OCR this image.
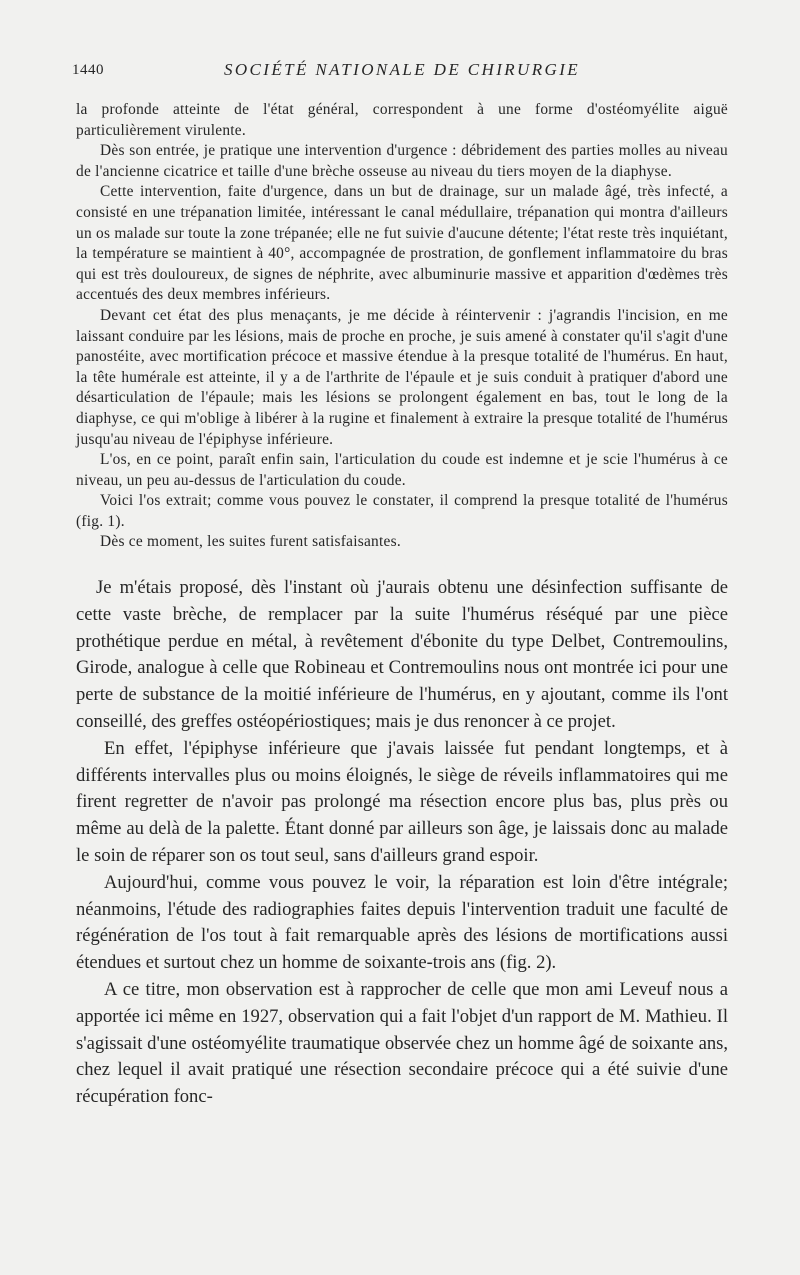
1440	SOCIÉTÉ NATIONALE DE CHIRURGIE

la profonde atteinte de l'état général, correspondent à une forme d'ostéomyélite aiguë particulièrement virulente.

Dès son entrée, je pratique une intervention d'urgence : débridement des parties molles au niveau de l'ancienne cicatrice et taille d'une brèche osseuse au niveau du tiers moyen de la diaphyse.

Cette intervention, faite d'urgence, dans un but de drainage, sur un malade âgé, très infecté, a consisté en une trépanation limitée, intéressant le canal médullaire, trépanation qui montra d'ailleurs un os malade sur toute la zone trépanée; elle ne fut suivie d'aucune détente; l'état reste très inquiétant, la température se maintient à 40°, accompagnée de prostration, de gonflement inflammatoire du bras qui est très douloureux, de signes de néphrite, avec albuminurie massive et apparition d'œdèmes très accentués des deux membres inférieurs.

Devant cet état des plus menaçants, je me décide à réintervenir : j'agrandis l'incision, en me laissant conduire par les lésions, mais de proche en proche, je suis amené à constater qu'il s'agit d'une panostéite, avec mortification précoce et massive étendue à la presque totalité de l'humérus. En haut, la tête humérale est atteinte, il y a de l'arthrite de l'épaule et je suis conduit à pratiquer d'abord une désarticulation de l'épaule; mais les lésions se prolongent également en bas, tout le long de la diaphyse, ce qui m'oblige à libérer à la rugine et finalement à extraire la presque totalité de l'humérus jusqu'au niveau de l'épiphyse inférieure.

L'os, en ce point, paraît enfin sain, l'articulation du coude est indemne et je scie l'humérus à ce niveau, un peu au-dessus de l'articulation du coude.

Voici l'os extrait; comme vous pouvez le constater, il comprend la presque totalité de l'humérus (fig. 1).

Dès ce moment, les suites furent satisfaisantes.

Je m'étais proposé, dès l'instant où j'aurais obtenu une désinfection suffisante de cette vaste brèche, de remplacer par la suite l'humérus réséqué par une pièce prothétique perdue en métal, à revêtement d'ébonite du type Delbet, Contremoulins, Girode, analogue à celle que Robineau et Contremoulins nous ont montrée ici pour une perte de substance de la moitié inférieure de l'humérus, en y ajoutant, comme ils l'ont conseillé, des greffes ostéopériostiques; mais je dus renoncer à ce projet.

En effet, l'épiphyse inférieure que j'avais laissée fut pendant longtemps, et à différents intervalles plus ou moins éloignés, le siège de réveils inflammatoires qui me firent regretter de n'avoir pas prolongé ma résection encore plus bas, plus près ou même au delà de la palette. Étant donné par ailleurs son âge, je laissais donc au malade le soin de réparer son os tout seul, sans d'ailleurs grand espoir.

Aujourd'hui, comme vous pouvez le voir, la réparation est loin d'être intégrale; néanmoins, l'étude des radiographies faites depuis l'intervention traduit une faculté de régénération de l'os tout à fait remarquable après des lésions de mortifications aussi étendues et surtout chez un homme de soixante-trois ans (fig. 2).

A ce titre, mon observation est à rapprocher de celle que mon ami Leveuf nous a apportée ici même en 1927, observation qui a fait l'objet d'un rapport de M. Mathieu. Il s'agissait d'une ostéomyélite traumatique observée chez un homme âgé de soixante ans, chez lequel il avait pratiqué une résection secondaire précoce qui a été suivie d'une récupération fonc-
